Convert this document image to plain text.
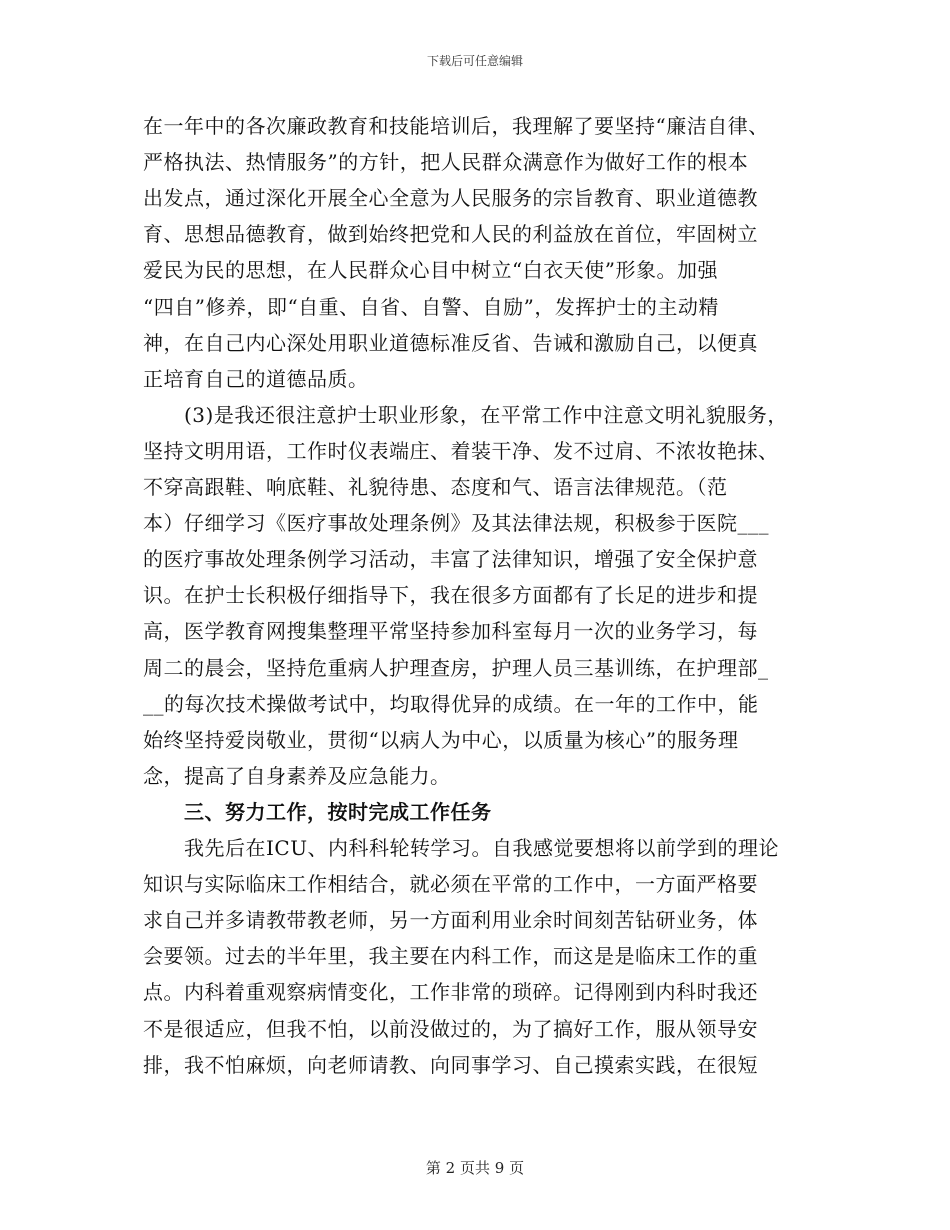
下载后可任意编辑
在一年中的各次廉政教育和技能培训后，我理解了要坚持“廉洁自律、
严格执法、热情服务”的方针，把人民群众满意作为做好工作的根本
出发点，通过深化开展全心全意为人民服务的宗旨教育、职业道德教
育、思想品德教育，做到始终把党和人民的利益放在首位，牢固树立
爱民为民的思想，在人民群众心目中树立“白衣天使”形象。加强
“四自”修养，即“自重、自省、自警、自励”，发挥护士的主动精
神，在自己内心深处用职业道德标准反省、告诫和激励自己，以便真
正培育自己的道德品质。
　　(3)是我还很注意护士职业形象，在平常工作中注意文明礼貌服务，
坚持文明用语，工作时仪表端庄、着装干净、发不过肩、不浓妆艳抹、
不穿高跟鞋、响底鞋、礼貌待患、态度和气、语言法律规范。（范
本）仔细学习《医疗事故处理条例》及其法律法规，积极参于医院___
的医疗事故处理条例学习活动，丰富了法律知识，增强了安全保护意
识。在护士长积极仔细指导下，我在很多方面都有了长足的进步和提
高，医学教育网搜集整理平常坚持参加科室每月一次的业务学习，每
周二的晨会，坚持危重病人护理查房，护理人员三基训练，在护理部_
__的每次技术操做考试中，均取得优异的成绩。在一年的工作中，能
始终坚持爱岗敬业，贯彻“以病人为中心，以质量为核心”的服务理
念，提高了自身素养及应急能力。
　　三、努力工作，按时完成工作任务
　　我先后在ICU、内科科轮转学习。自我感觉要想将以前学到的理论
知识与实际临床工作相结合，就必须在平常的工作中，一方面严格要
求自己并多请教带教老师，另一方面利用业余时间刻苦钻研业务，体
会要领。过去的半年里，我主要在内科工作，而这是是临床工作的重
点。内科着重观察病情变化，工作非常的琐碎。记得刚到内科时我还
不是很适应，但我不怕，以前没做过的，为了搞好工作，服从领导安
排，我不怕麻烦，向老师请教、向同事学习、自己摸索实践，在很短
第 2 页共 9 页
